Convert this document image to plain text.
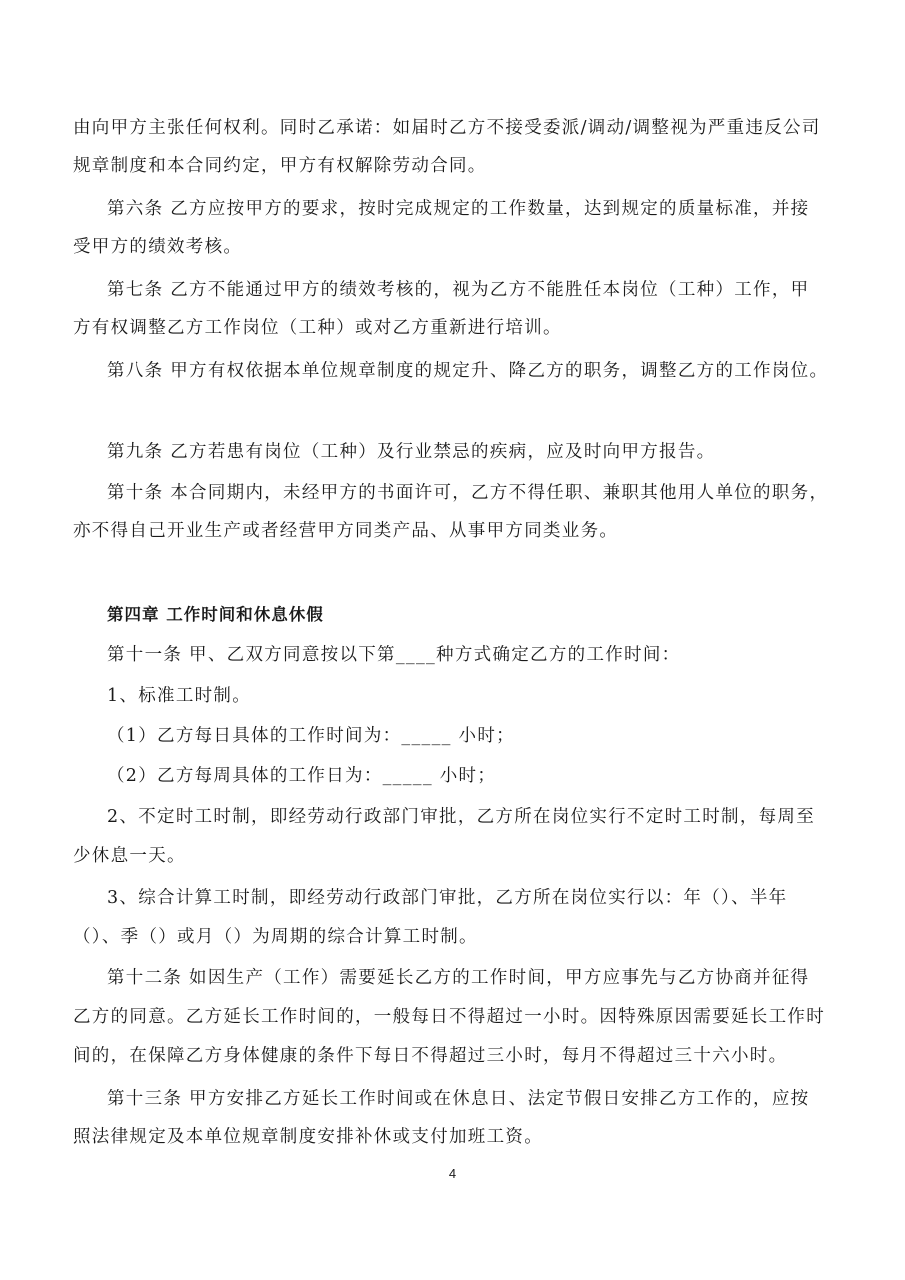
由向甲方主张任何权利。同时乙承诺：如届时乙方不接受委派/调动/调整视为严重违反公司
规章制度和本合同约定，甲方有权解除劳动合同。
第六条 乙方应按甲方的要求，按时完成规定的工作数量，达到规定的质量标准，并接
受甲方的绩效考核。
第七条 乙方不能通过甲方的绩效考核的，视为乙方不能胜任本岗位（工种）工作，甲
方有权调整乙方工作岗位（工种）或对乙方重新进行培训。
第八条 甲方有权依据本单位规章制度的规定升、降乙方的职务，调整乙方的工作岗位。
第九条 乙方若患有岗位（工种）及行业禁忌的疾病，应及时向甲方报告。
第十条 本合同期内，未经甲方的书面许可，乙方不得任职、兼职其他用人单位的职务，
亦不得自己开业生产或者经营甲方同类产品、从事甲方同类业务。
第四章 工作时间和休息休假
第十一条 甲、乙双方同意按以下第____种方式确定乙方的工作时间：
1、标准工时制。
（1）乙方每日具体的工作时间为：_____ 小时；
（2）乙方每周具体的工作日为：_____ 小时；
2、不定时工时制，即经劳动行政部门审批，乙方所在岗位实行不定时工时制，每周至
少休息一天。
3、综合计算工时制，即经劳动行政部门审批，乙方所在岗位实行以：年（）、半年
（）、季（）或月（）为周期的综合计算工时制。
第十二条 如因生产（工作）需要延长乙方的工作时间，甲方应事先与乙方协商并征得
乙方的同意。乙方延长工作时间的，一般每日不得超过一小时。因特殊原因需要延长工作时
间的，在保障乙方身体健康的条件下每日不得超过三小时，每月不得超过三十六小时。
第十三条 甲方安排乙方延长工作时间或在休息日、法定节假日安排乙方工作的，应按
照法律规定及本单位规章制度安排补休或支付加班工资。
4
